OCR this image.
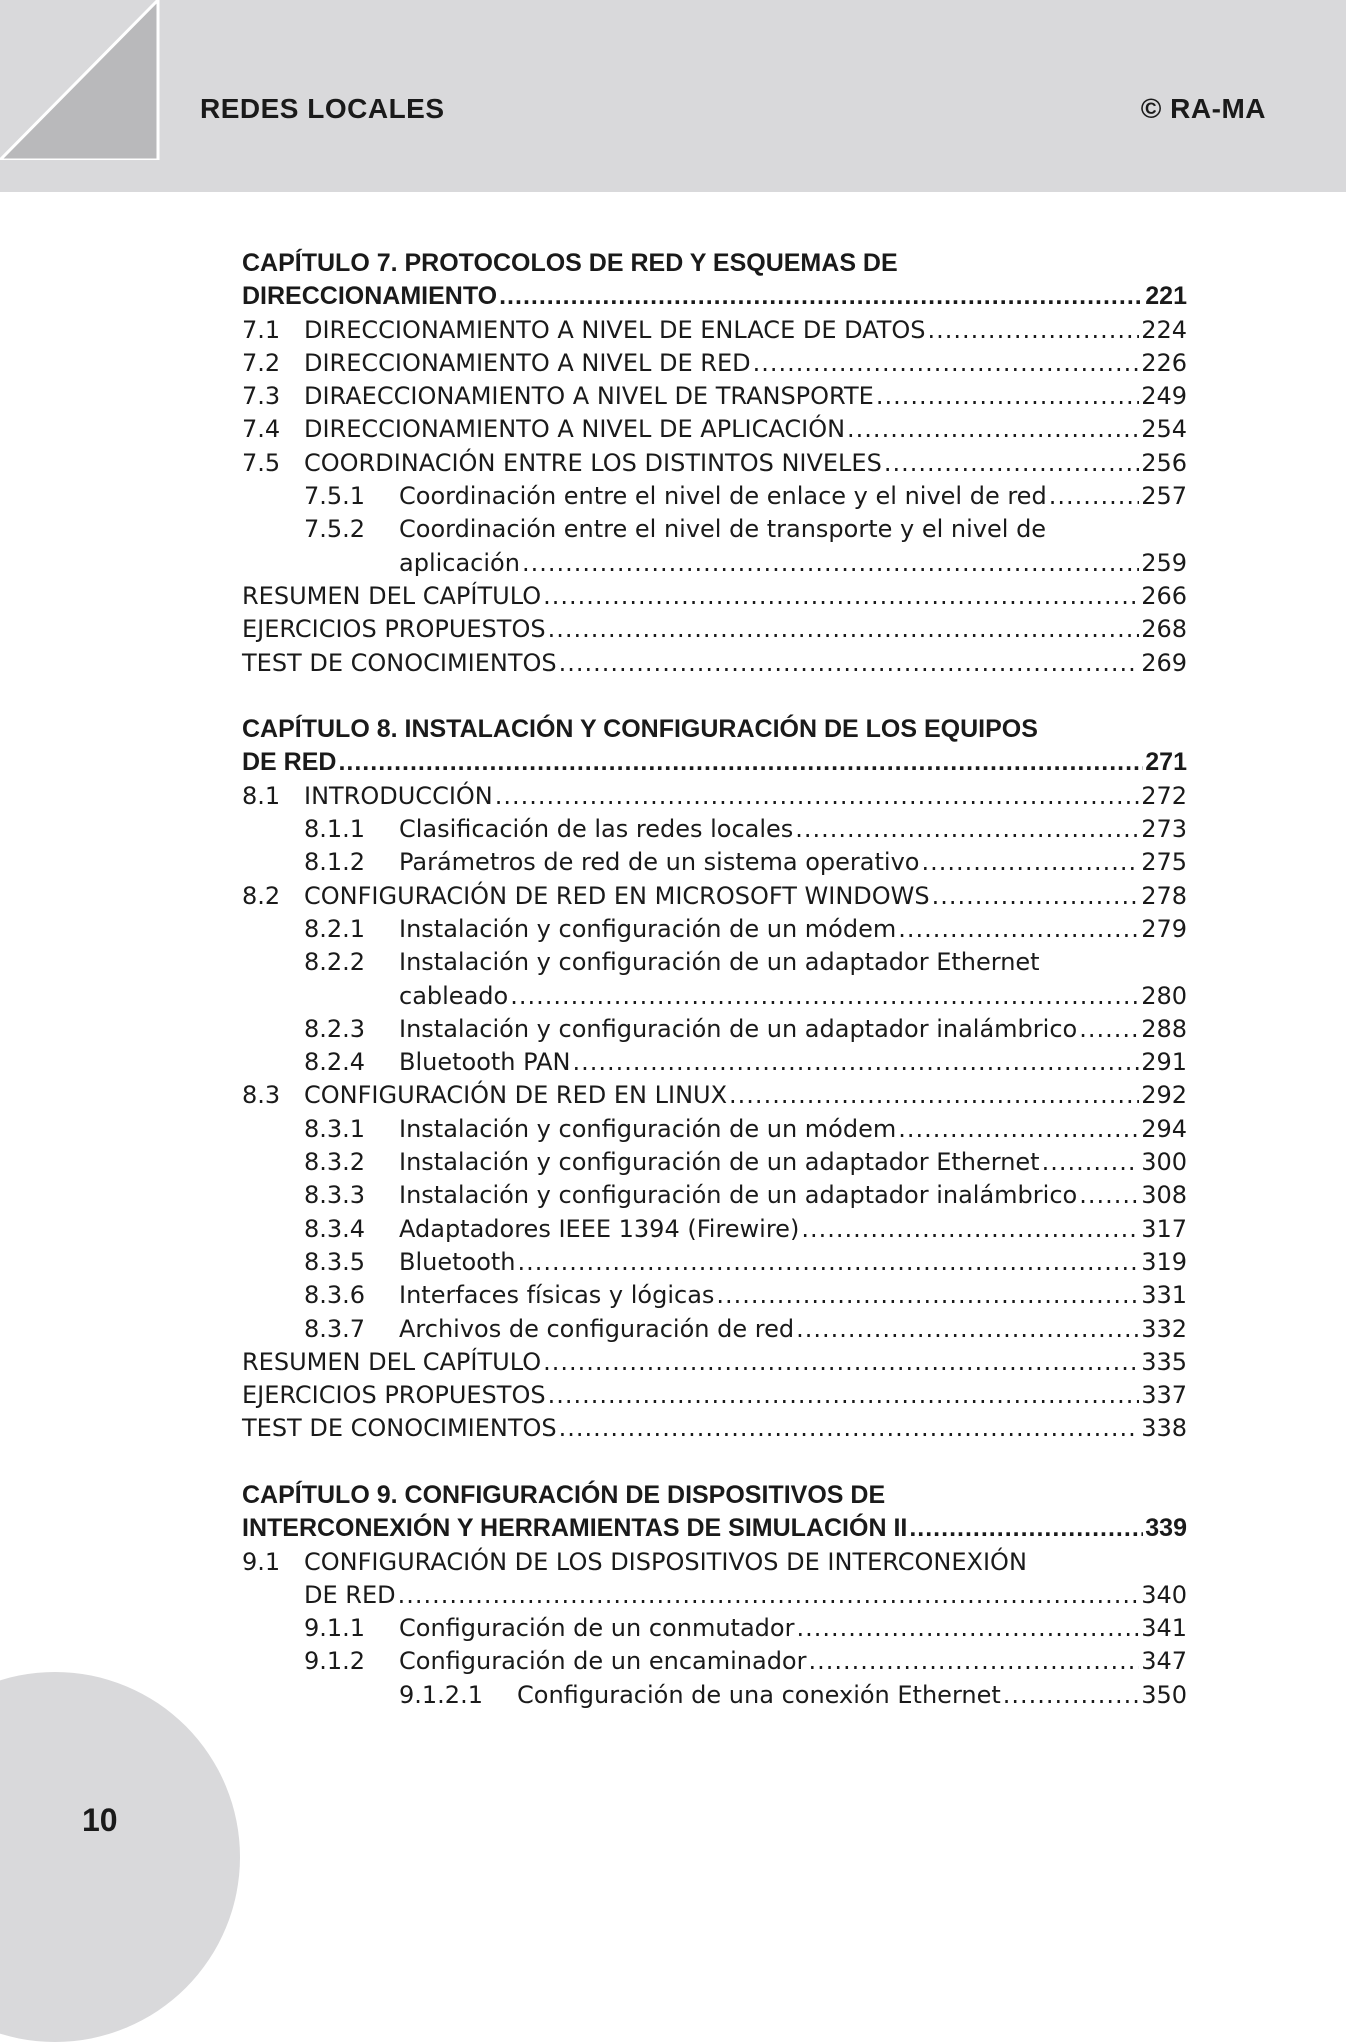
REDES LOCALES	© RA-MA
CAPÍTULO 7. PROTOCOLOS DE RED Y ESQUEMAS DE
DIRECCIONAMIENTO .....	221
7.1 DIRECCIONAMIENTO A NIVEL DE ENLACE DE DATOS .....	224
7.2 DIRECCIONAMIENTO A NIVEL DE RED .....	226
7.3 DIRAECCIONAMIENTO A NIVEL DE TRANSPORTE .....	249
7.4 DIRECCIONAMIENTO A NIVEL DE APLICACIÓN .....	254
7.5 COORDINACIÓN ENTRE LOS DISTINTOS NIVELES .....	256
7.5.1	Coordinación entre el nivel de enlace y el nivel de red .....	257
7.5.2	Coordinación entre el nivel de transporte y el nivel de
aplicación .....	259
RESUMEN DEL CAPÍTULO .....	266
EJERCICIOS PROPUESTOS .....	268
TEST DE CONOCIMIENTOS .....	269
CAPÍTULO 8. INSTALACIÓN Y CONFIGURACIÓN DE LOS EQUIPOS
DE RED .....	271
8.1 INTRODUCCIÓN .....	272
8.1.1	Clasificación de las redes locales .....	273
8.1.2	Parámetros de red de un sistema operativo .....	275
8.2 CONFIGURACIÓN DE RED EN MICROSOFT WINDOWS .....	278
8.2.1	Instalación y configuración de un módem .....	279
8.2.2	Instalación y configuración de un adaptador Ethernet
cableado .....	280
8.2.3	Instalación y configuración de un adaptador inalámbrico .....	288
8.2.4	Bluetooth PAN .....	291
8.3 CONFIGURACIÓN DE RED EN LINUX .....	292
8.3.1	Instalación y configuración de un módem .....	294
8.3.2	Instalación y configuración de un adaptador Ethernet .....	300
8.3.3	Instalación y configuración de un adaptador inalámbrico .....	308
8.3.4	Adaptadores IEEE 1394 (Firewire) .....	317
8.3.5	Bluetooth .....	319
8.3.6	Interfaces físicas y lógicas .....	331
8.3.7	Archivos de configuración de red .....	332
RESUMEN DEL CAPÍTULO .....	335
EJERCICIOS PROPUESTOS .....	337
TEST DE CONOCIMIENTOS .....	338
CAPÍTULO 9. CONFIGURACIÓN DE DISPOSITIVOS DE
INTERCONEXIÓN Y HERRAMIENTAS DE SIMULACIÓN II .....	339
9.1 CONFIGURACIÓN DE LOS DISPOSITIVOS DE INTERCONEXIÓN
DE RED .....	340
9.1.1	Configuración de un conmutador .....	341
9.1.2	Configuración de un encaminador .....	347
9.1.2.1	Configuración de una conexión Ethernet .....	350
10
